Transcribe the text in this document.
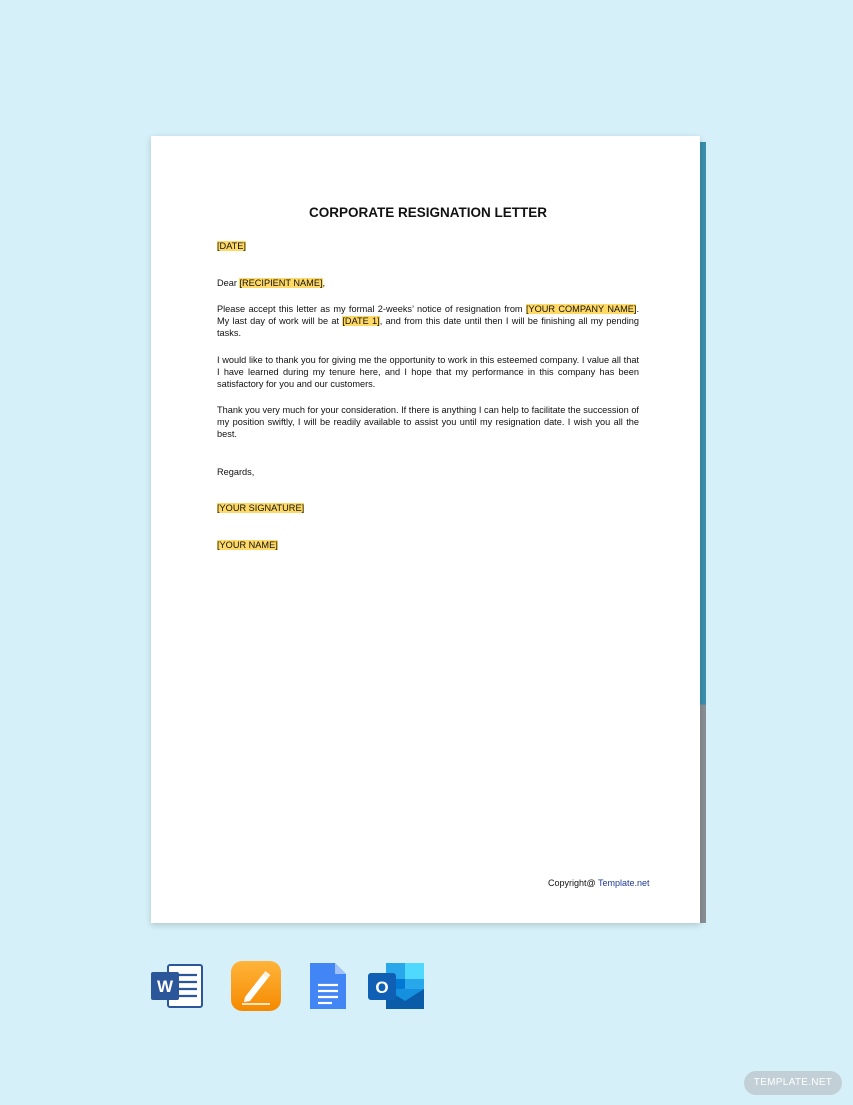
CORPORATE RESIGNATION LETTER
[DATE]
Dear [RECIPIENT NAME],
Please accept this letter as my formal 2-weeks’ notice of resignation from [YOUR COMPANY NAME]. My last day of work will be at [DATE 1], and from this date until then I will be finishing all my pending tasks.
I would like to thank you for giving me the opportunity to work in this esteemed company. I value all that I have learned during my tenure here, and I hope that my performance in this company has been satisfactory for you and our customers.
Thank you very much for your consideration. If there is anything I can help to facilitate the succession of my position swiftly, I will be readily available to assist you until my resignation date. I wish you all the best.
Regards,
[YOUR SIGNATURE]
[YOUR NAME]
Copyright@ Template.net
W	O
TEMPLATE.NET
